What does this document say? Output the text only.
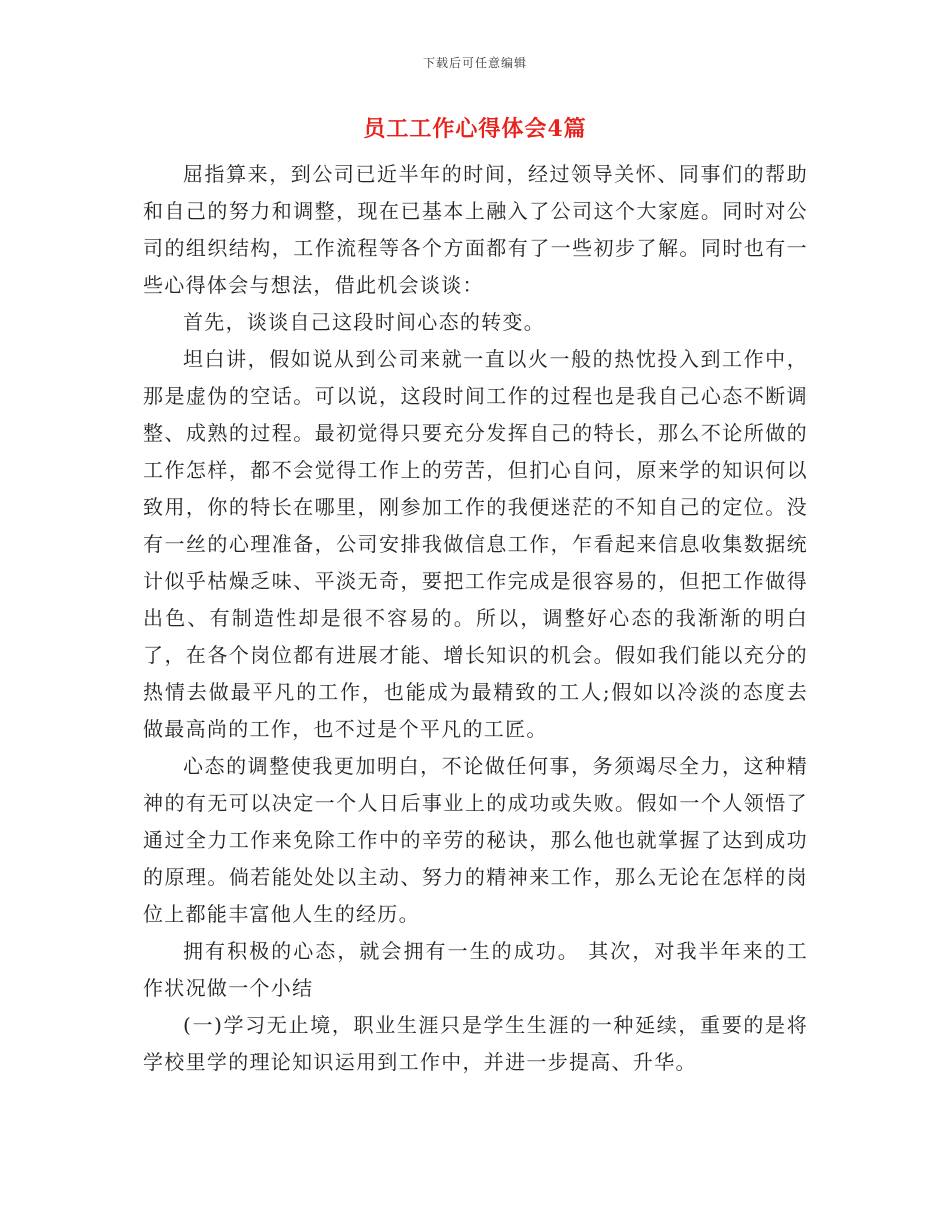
下载后可任意编辑
员工工作心得体会4篇

屈指算来，到公司已近半年的时间，经过领导关怀、同事们的帮助和自己的努力和调整，现在已基本上融入了公司这个大家庭。同时对公司的组织结构，工作流程等各个方面都有了一些初步了解。同时也有一些心得体会与想法，借此机会谈谈：

首先，谈谈自己这段时间心态的转变。

坦白讲，假如说从到公司来就一直以火一般的热忱投入到工作中，那是虚伪的空话。可以说，这段时间工作的过程也是我自己心态不断调整、成熟的过程。最初觉得只要充分发挥自己的特长，那么不论所做的工作怎样，都不会觉得工作上的劳苦，但扪心自问，原来学的知识何以致用，你的特长在哪里，刚参加工作的我便迷茫的不知自己的定位。没有一丝的心理准备，公司安排我做信息工作，乍看起来信息收集数据统计似乎枯燥乏味、平淡无奇，要把工作完成是很容易的，但把工作做得出色、有制造性却是很不容易的。所以，调整好心态的我渐渐的明白了，在各个岗位都有进展才能、增长知识的机会。假如我们能以充分的热情去做最平凡的工作，也能成为最精致的工人;假如以冷淡的态度去做最高尚的工作，也不过是个平凡的工匠。

心态的调整使我更加明白，不论做任何事，务须竭尽全力，这种精神的有无可以决定一个人日后事业上的成功或失败。假如一个人领悟了通过全力工作来免除工作中的辛劳的秘诀，那么他也就掌握了达到成功的原理。倘若能处处以主动、努力的精神来工作，那么无论在怎样的岗位上都能丰富他人生的经历。

拥有积极的心态，就会拥有一生的成功。 其次，对我半年来的工作状况做一个小结

(一)学习无止境，职业生涯只是学生生涯的一种延续，重要的是将学校里学的理论知识运用到工作中，并进一步提高、升华。
